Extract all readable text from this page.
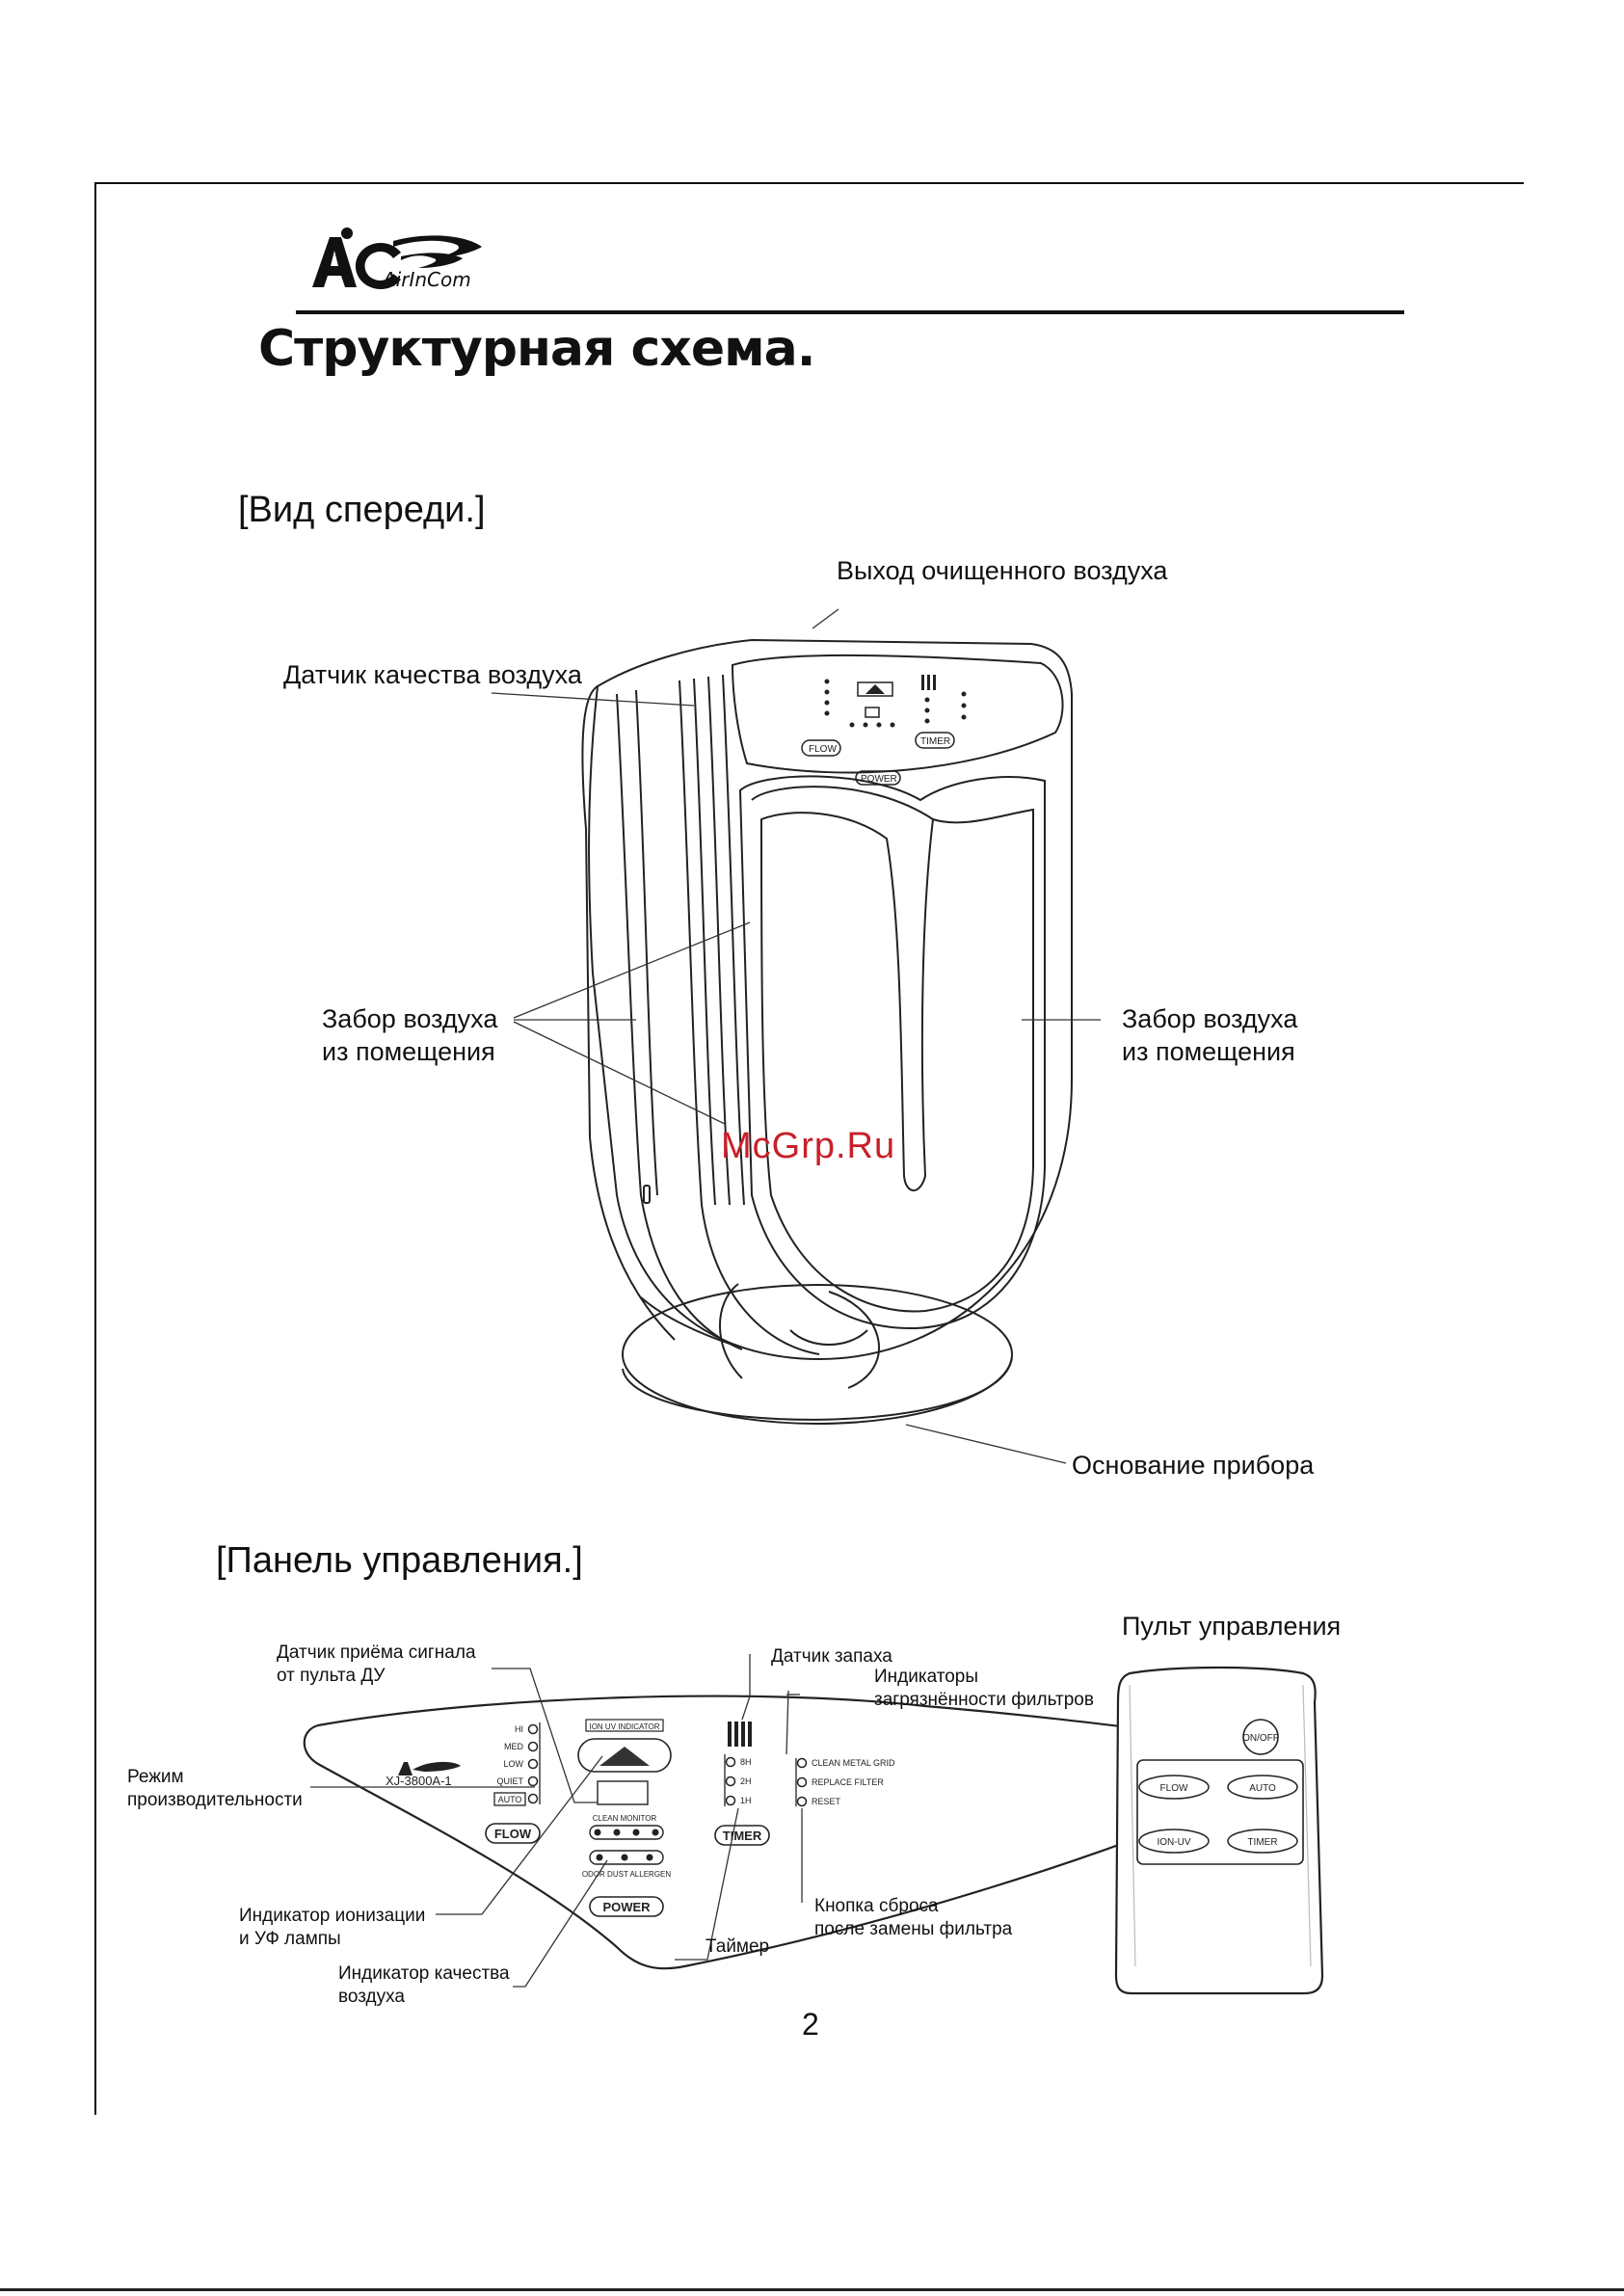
AirInCom
Структурная схема.
[Вид спереди.]
FLOW
TIMER
POWER
Выход очищенного воздуха
Датчик качества воздуха
Забор воздуха
из помещения
Забор воздуха
из помещения
Основание прибора
McGrp.Ru
[Панель управления.]
Пульт управления
XJ-3800A-1
HI
MED
LOW
QUIET
AUTO
FLOW
ION UV INDICATOR
CLEAN MONITOR
ODOR DUST ALLERGEN
POWER
8H
2H
1H
TIMER
CLEAN METAL GRID
REPLACE FILTER
RESET
ON/OFF
FLOW	AUTO
ION-UV	TIMER
Датчик приёма сигнала
от пульта ДУ
Датчик запаха
Индикаторы
загрязнённости фильтров
Режим
производительности
Индикатор ионизации
и УФ лампы
Индикатор качества
воздуха
Таймер
Кнопка сброса
после замены фильтра
2
